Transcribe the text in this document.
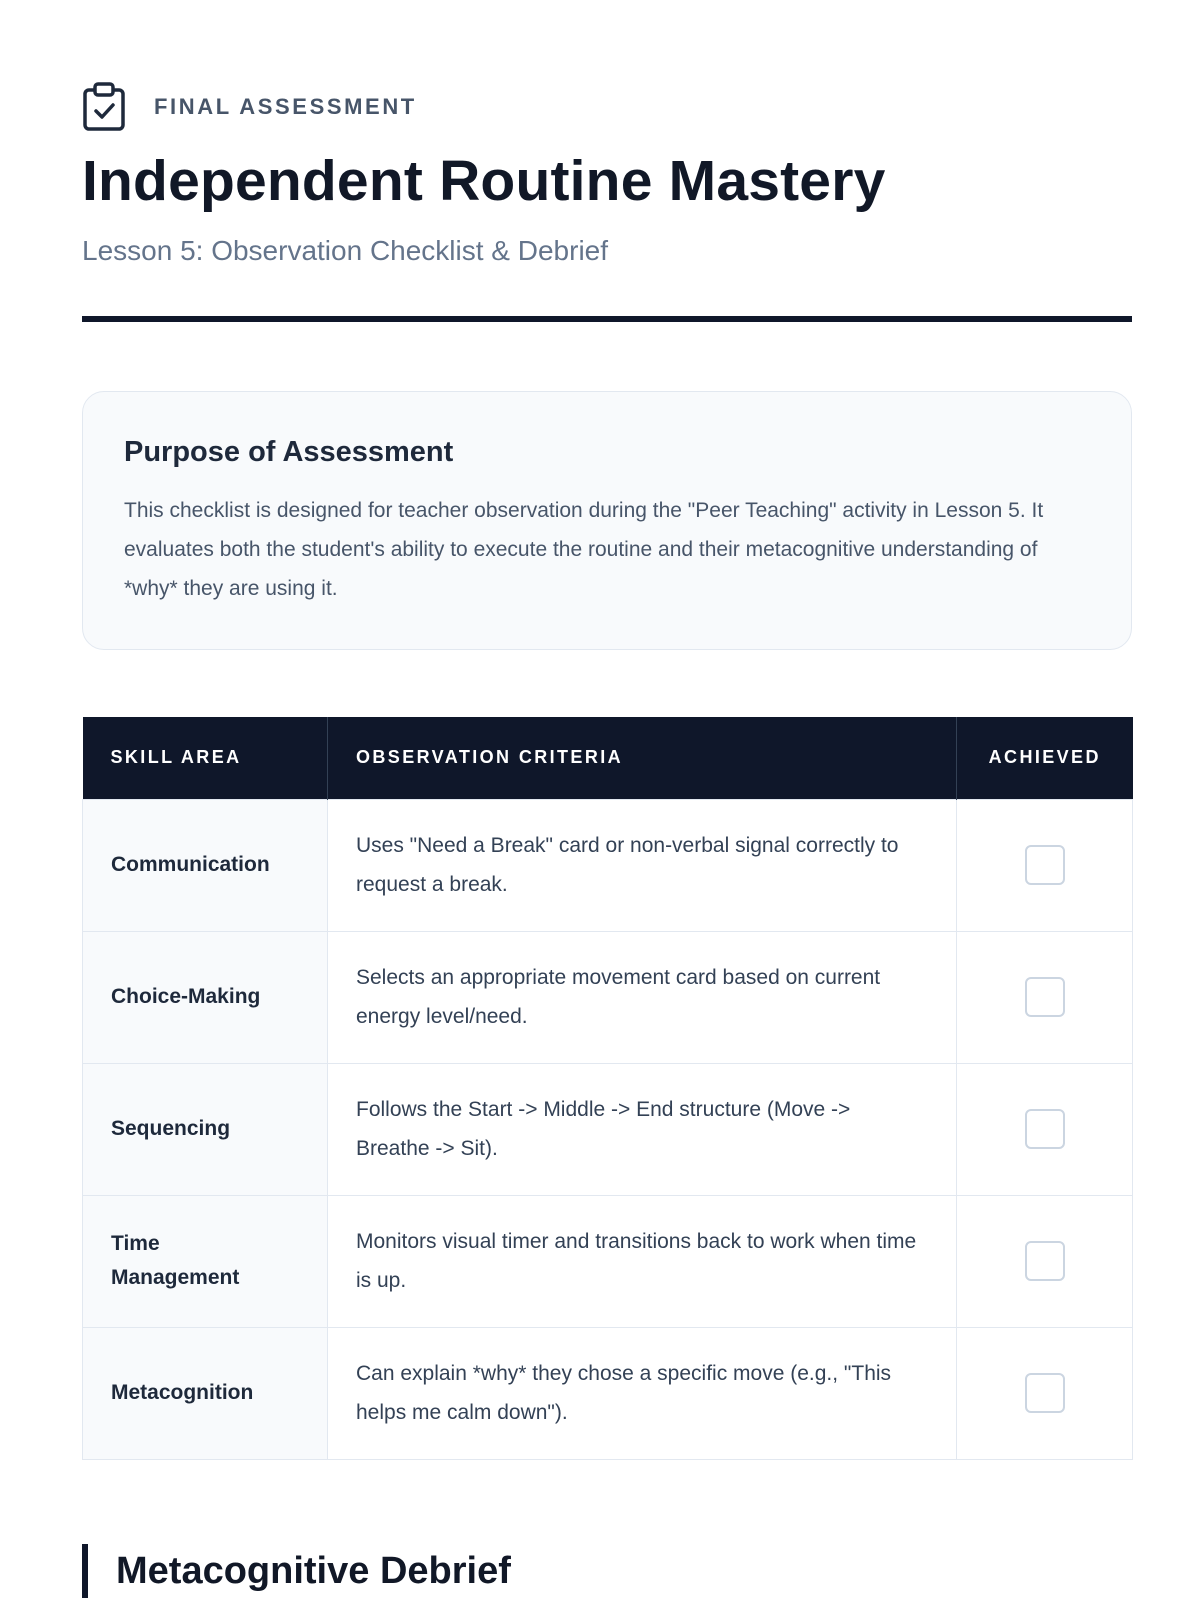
FINAL ASSESSMENT
Independent Routine Mastery
Lesson 5: Observation Checklist & Debrief
Purpose of Assessment

This checklist is designed for teacher observation during the "Peer Teaching" activity in Lesson 5. It evaluates both the student's ability to execute the routine and their metacognitive understanding of *why* they are using it.

SKILL AREA	OBSERVATION CRITERIA	ACHIEVED
Communication	Uses "Need a Break" card or non-verbal signal correctly to request a break.	
Choice-Making	Selects an appropriate movement card based on current energy level/need.	
Sequencing	Follows the Start -> Middle -> End structure (Move -> Breathe -> Sit).	
Time Management	Monitors visual timer and transitions back to work when time is up.	
Metacognition	Can explain *why* they chose a specific move (e.g., "This helps me calm down").	
Metacognitive Debrief
